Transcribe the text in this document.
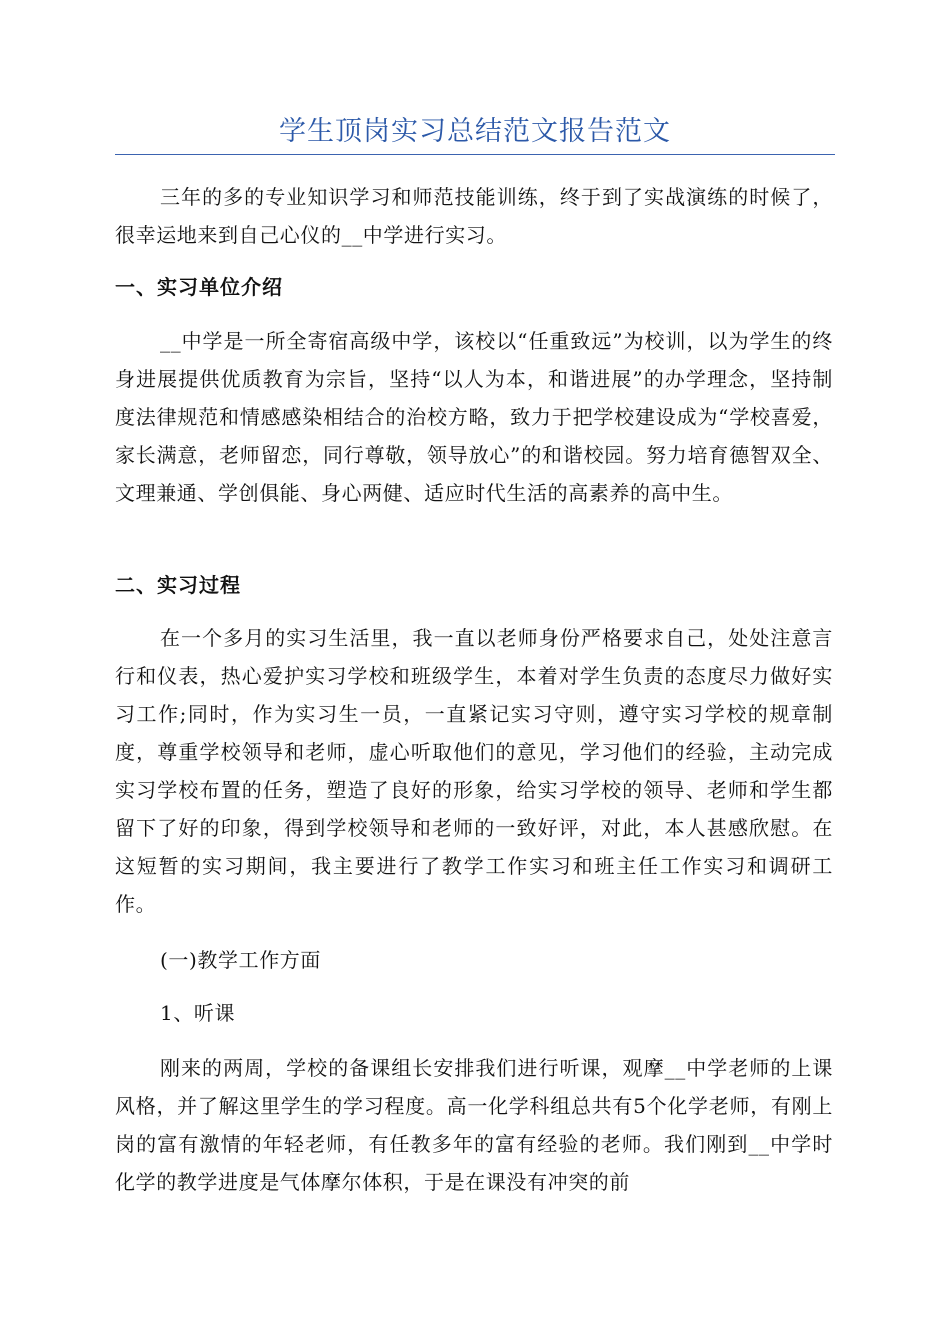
学生顶岗实习总结范文报告范文

三年的多的专业知识学习和师范技能训练，终于到了实战演练的时候了，很幸运地来到自己心仪的__中学进行实习。

一、实习单位介绍

__中学是一所全寄宿高级中学，该校以“任重致远”为校训，以为学生的终身进展提供优质教育为宗旨，坚持“以人为本，和谐进展”的办学理念，坚持制度法律规范和情感感染相结合的治校方略，致力于把学校建设成为“学校喜爱，家长满意，老师留恋，同行尊敬，领导放心”的和谐校园。努力培育德智双全、文理兼通、学创俱能、身心两健、适应时代生活的高素养的高中生。

二、实习过程

在一个多月的实习生活里，我一直以老师身份严格要求自己，处处注意言行和仪表，热心爱护实习学校和班级学生，本着对学生负责的态度尽力做好实习工作;同时，作为实习生一员，一直紧记实习守则，遵守实习学校的规章制度，尊重学校领导和老师，虚心听取他们的意见，学习他们的经验，主动完成实习学校布置的任务，塑造了良好的形象，给实习学校的领导、老师和学生都留下了好的印象，得到学校领导和老师的一致好评，对此，本人甚感欣慰。在这短暂的实习期间，我主要进行了教学工作实习和班主任工作实习和调研工作。

(一)教学工作方面

1、听课

刚来的两周，学校的备课组长安排我们进行听课，观摩__中学老师的上课风格，并了解这里学生的学习程度。高一化学科组总共有5个化学老师，有刚上岗的富有激情的年轻老师，有任教多年的富有经验的老师。我们刚到__中学时化学的教学进度是气体摩尔体积，于是在课没有冲突的前
